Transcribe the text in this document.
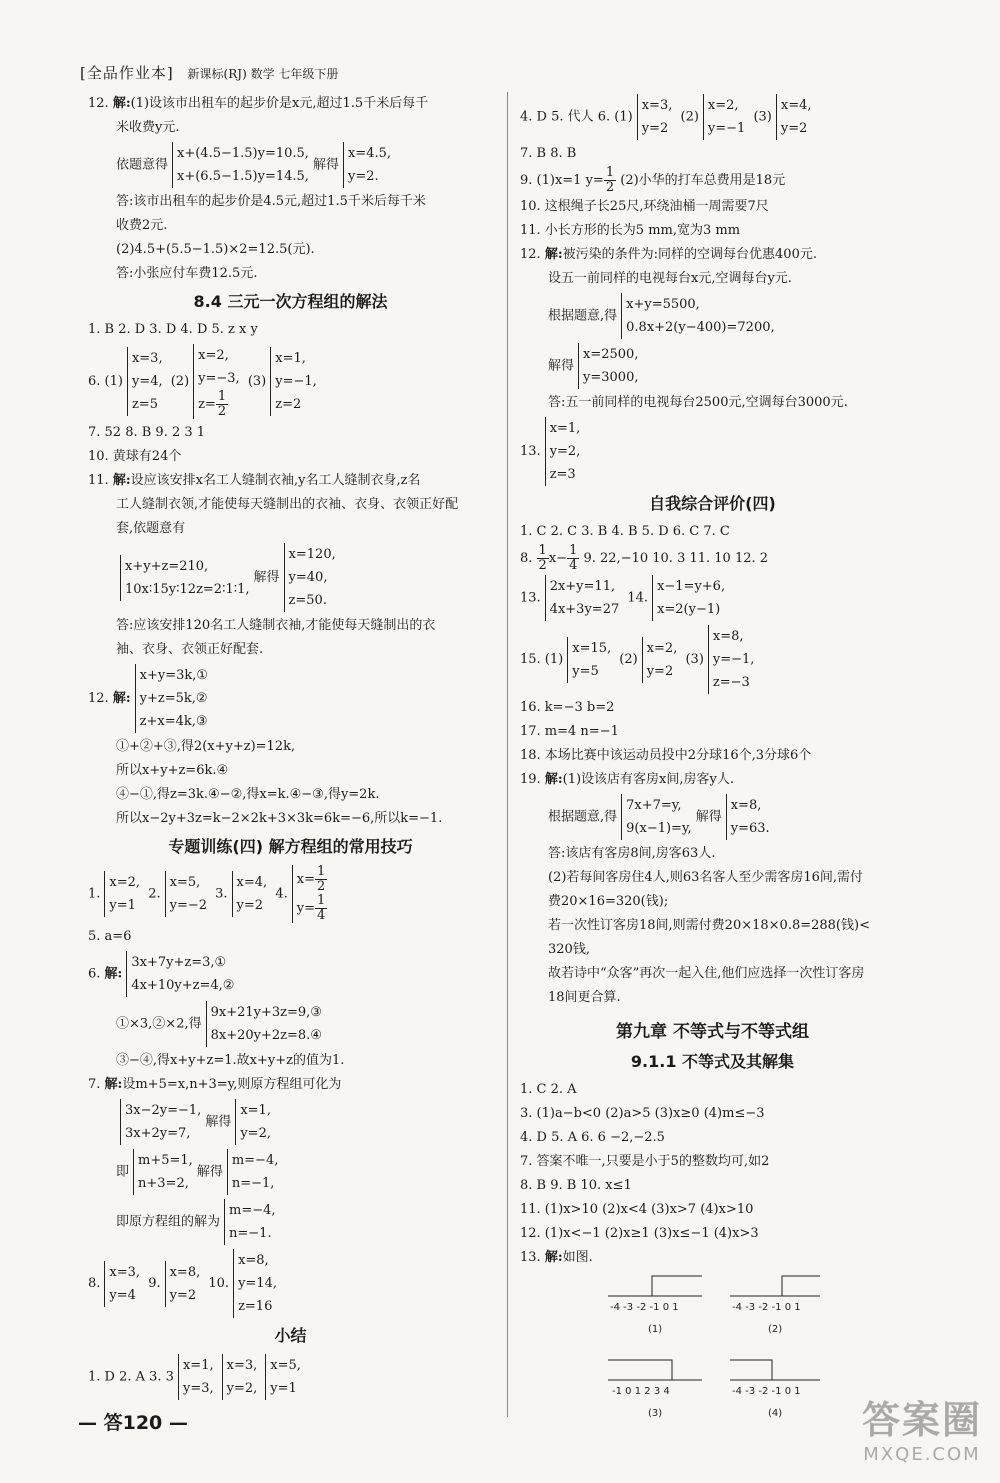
[全品作业本] 新课标(RJ) 数学 七年级下册
12. 解:(1)设该市出租车的起步价是x元,超过1.5千米后每千
米收费y元.
依题意得
x+(4.5−1.5)y=10.5,
x+(6.5−1.5)y=14.5,
解得
x=4.5,
y=2.
答:该市出租车的起步价是4.5元,超过1.5千米后每千米
收费2元.
(2)4.5+(5.5−1.5)×2=12.5(元).
答:小张应付车费12.5元.
8.4 三元一次方程组的解法
1. B 2. D 3. D 4. D 5. z x y
6. (1)
x=3,
y=4,
z=5
(2)
x=2,
y=−3,
$z= \frac{1}{2}$
(3)
x=1,
y=−1,
z=2
7. 52 8. B 9. 2 3 1
10. 黄球有24个
11. 解:设应该安排x名工人缝制衣袖,y名工人缝制衣身,z名
工人缝制衣领,才能使每天缝制出的衣袖、衣身、衣领正好配
套,依题意有
x+y+z=210,
10x∶15y∶12z=2∶1∶1,
解得
x=120,
y=40,
z=50.
答:应该安排120名工人缝制衣袖,才能使每天缝制出的衣
袖、衣身、衣领正好配套.
12. 解:
x+y=3k,①
y+z=5k,②
z+x=4k,③
①+②+③,得2(x+y+z)=12k,
所以x+y+z=6k.④
④−①,得z=3k.④−②,得x=k.④−③,得y=2k.
所以x−2y+3z=k−2×2k+3×3k=6k=−6,所以k=−1.
专题训练(四) 解方程组的常用技巧
1.
x=2,
y=1
2.
x=5,
y=−2
3.
x=4,
y=2
4.
$x= \frac{1}{2}$
$y= \frac{1}{4}$
5. a=6
6. 解:
3x+7y+z=3,①
4x+10y+z=4,②
①×3,②×2,得
9x+21y+3z=9,③
8x+20y+2z=8.④
③−④,得x+y+z=1.故x+y+z的值为1.
7. 解:设m+5=x,n+3=y,则原方程组可化为
3x−2y=−1,
3x+2y=7,
解得
x=1,
y=2,
即
m+5=1,
n+3=2,
解得
m=−4,
n=−1,
即原方程组的解为
m=−4,
n=−1.
8.
x=3,
y=4
9.
x=8,
y=2
10.
x=8,
y=14,
z=16
小结
1. D 2. A 3. 3
x=1,
y=3,
x=3,
y=2,
x=5,
y=1
4. D 5. 代人 6. (1)
x=3,
y=2
(2)
x=2,
y=−1
(3)
x=4,
y=2
7. B 8. B
9. (1)x=1 $y= \frac{1}{2} (2)$小华的打车总费用是18元
10. 这根绳子长25尺,环绕油桶一周需要7尺
11. 小长方形的长为5 mm,宽为3 mm
12. 解:被污染的条件为:同样的空调每台优惠400元.
设五一前同样的电视每台x元,空调每台y元.
根据题意,得
x+y=5500,
0.8x+2(y−400)=7200,
解得
x=2500,
y=3000,
答:五一前同样的电视每台2500元,空调每台3000元.
13.
x=1,
y=2,
z=3
自我综合评价(四)
1. C 2. C 3. B 4. B 5. D 6. C 7. C
8. $\frac{1}{2} x- \frac{1}{4} 9$. 22,−10 10. 3 11. 10 12. 2
13.
2x+y=11,
4x+3y=27
14.
x−1=y+6,
x=2(y−1)
15. (1)
x=15,
y=5
(2)
x=2,
y=2
(3)
x=8,
y=−1,
z=−3
16. k=−3 b=2
17. m=4 n=−1
18. 本场比赛中该运动员投中2分球16个,3分球6个
19. 解:(1)设该店有客房x间,房客y人.
根据题意,得
7x+7=y,
9(x−1)=y,
解得
x=8,
y=63.
答:该店有客房8间,房客63人.
(2)若每间客房住4人,则63名客人至少需客房16间,需付
费20×16=320(钱);
若一次性订客房18间,则需付费20×18×0.8=288(钱)<
320钱,
故若诗中“众客”再次一起入住,他们应选择一次性订客房
18间更合算.
第九章 不等式与不等式组
9.1.1 不等式及其解集
1. C 2. A
3. (1)a−b<0 (2)a>5 (3)x≥0 (4)m≤−3
4. D 5. A 6. 6 −2,−2.5
7. 答案不唯一,只要是小于5的整数均可,如2
8. B 9. B 10. x≤1
11. (1)x>10 (2)x<4 (3)x>7 (4)x>10
12. (1)x<−1 (2)x≥1 (3)x≤−1 (4)x>3
13. 解:如图.
-4 -3 -2 -1 0 1	-4 -3 -2 -1 0 1
-1 0 1 2 3 4	-4 -3 -2 -1 0 1
(1)	(2)
(3)	(4)
— 答120 —	答案圈
MXQE.COM
